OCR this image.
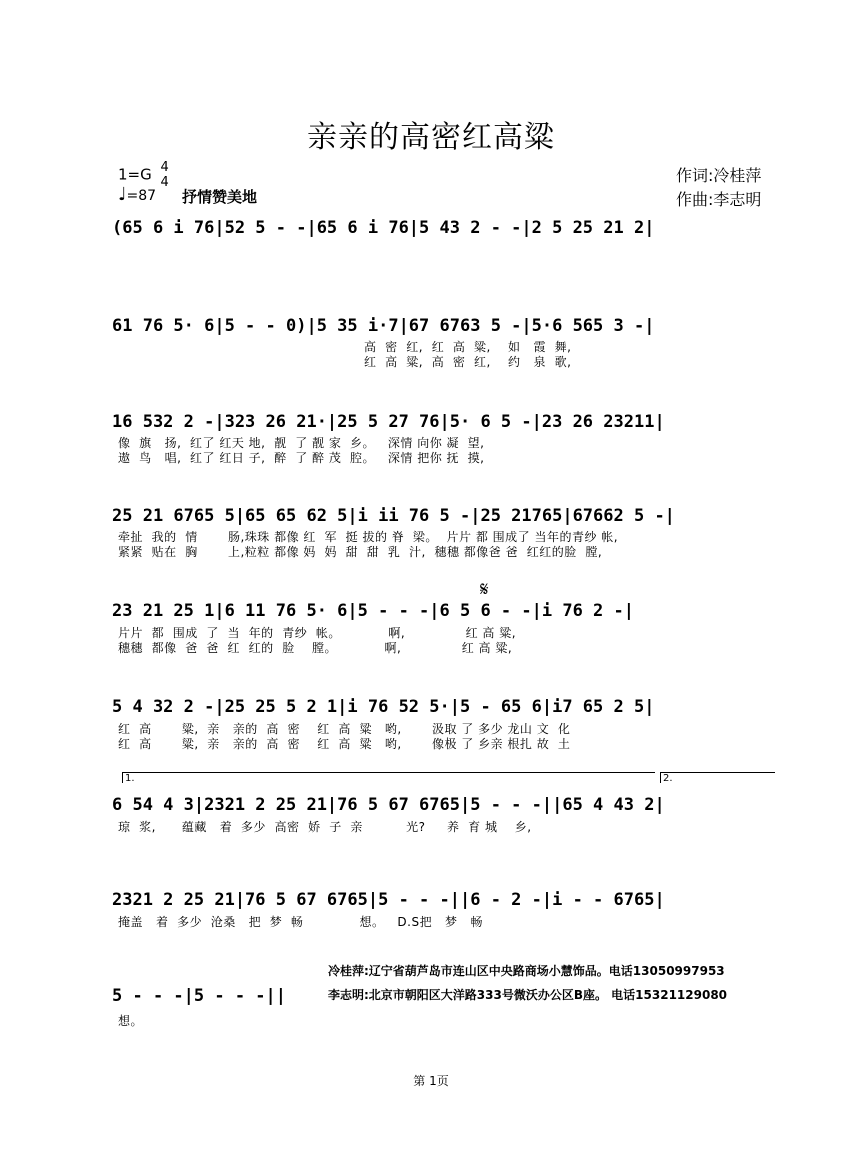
亲亲的高密红高粱
1=G 4
4
♩=87 抒情赞美地
作词:冷桂萍
作曲:李志明
(65 6 i 76|52 5 - -|65 6 i 76|5 43 2 - -|2 5 25 21 2|
61 76 5· 6|5 - - 0)|5 35 i·7|67 6763 5 -|5·6 565 3 -|
高  密  红,  红  高  粱,    如   霞  舞,
红  高  粱,  高  密  红,    约   泉  歌,
16 532 2 -|323 26 21·|25 5 27 76|5· 6 5 -|23 26 23211|
像  旗   扬,  红了 红天 地,  靓  了 靓 家  乡。   深情 向你 凝  望,
遨  鸟   唱,  红了 红日 子,  醉  了 醉 茂  腔。   深情 把你 抚  摸,
25 21 6765 5|65 65 62 5|i ii 76 5 -|25 21765|67662 5 -|
牵扯  我的  情       肠,珠珠 都像 红  军  挺 拔的 脊  梁。  片片 都 围成了 当年的青纱 帐,
紧紧  贴在  胸       上,粒粒 都像 妈  妈  甜  甜  乳  汁,  穗穗 都像爸 爸  红红的脸  膛,
23 21 25 1|6 11 76 5· 6|5 - - -|6 5 6 - -|i 76 2 -|
片片  都  围成  了  当  年的  青纱  帐。           啊,              红 高 粱,
穗穗  都像  爸  爸  红  红的  脸    膛。           啊,              红 高 粱,
𝄋
5 4 32 2 -|25 25 5 2 1|i 76 52 5·|5 - 65 6|i7 65 2 5|
红  高       粱,  亲   亲的  高  密    红  高  粱   哟,       汲取 了 多少 龙山 文  化
红  高       粱,  亲   亲的  高  密    红  高  粱   哟,       像极 了 乡亲 根扎 故  土
1.	2.
6 54 4 3|2321 2 25 21|76 5 67 6765|5 - - -||65 4 43 2|
琼  浆,      蕴藏   着  多少  高密  娇  子  亲          光?     养  育 城    乡,
2321 2 25 21|76 5 67 6765|5 - - -||6 - 2 -|i - - 6765|
掩盖   着  多少  沧桑   把  梦  畅             想。   D.S把   梦   畅
5 - - -|5 - - -||
想。
冷桂萍:辽宁省葫芦岛市连山区中央路商场小慧饰品。电话13050997953
李志明:北京市朝阳区大洋路333号微沃办公区B座。 电话15321129080
第 1页
